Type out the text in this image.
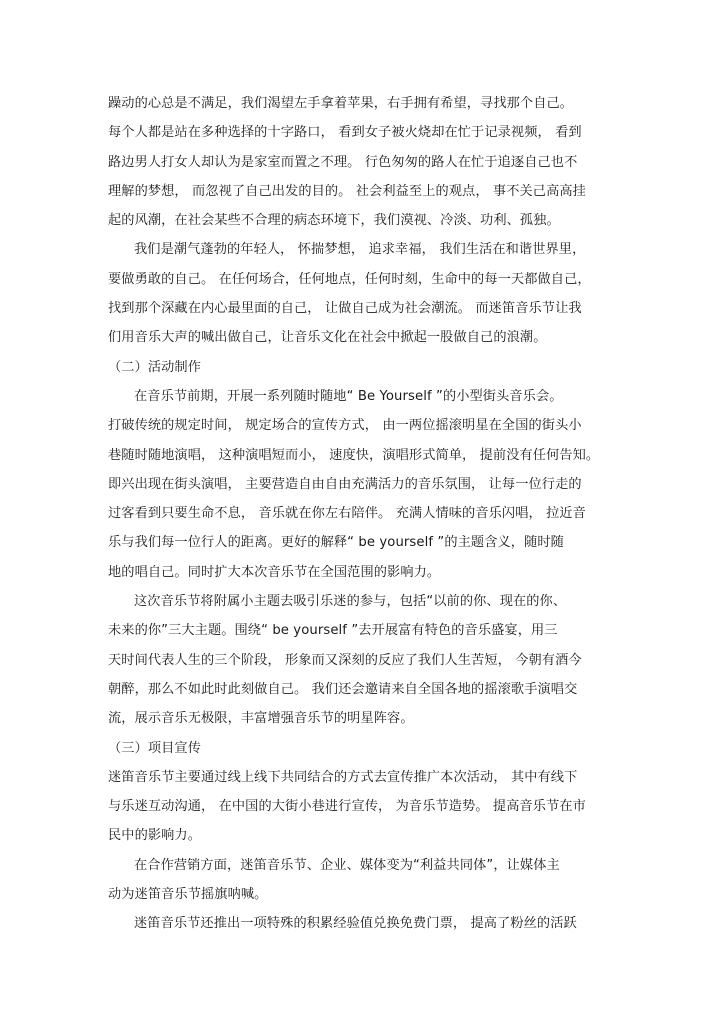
躁动的心总是不满足，我们渴望左手拿着苹果，右手拥有希望，寻找那个自己。
每个人都是站在多种选择的十字路口， 看到女子被火烧却在忙于记录视频， 看到
路边男人打女人却认为是家室而置之不理。 行色匆匆的路人在忙于追逐自己也不
理解的梦想， 而忽视了自己出发的目的。 社会利益至上的观点， 事不关己高高挂
起的风潮，在社会某些不合理的病态环境下，我们漠视、冷淡、功利、孤独。
我们是潮气蓬勃的年轻人， 怀揣梦想， 追求幸福， 我们生活在和谐世界里，
要做勇敢的自己。 在任何场合，任何地点，任何时刻，生命中的每一天都做自己，
找到那个深藏在内心最里面的自己， 让做自己成为社会潮流。 而迷笛音乐节让我
们用音乐大声的喊出做自己，让音乐文化在社会中掀起一股做自己的浪潮。
（二）活动制作
在音乐节前期，开展一系列随时随地“ Be Yourself ”的小型街头音乐会。
打破传统的规定时间， 规定场合的宣传方式， 由一两位摇滚明星在全国的街头小
巷随时随地演唱， 这种演唱短而小， 速度快，演唱形式简单， 提前没有任何告知。
即兴出现在街头演唱， 主要营造自由自由充满活力的音乐氛围， 让每一位行走的
过客看到只要生命不息， 音乐就在你左右陪伴。 充满人情味的音乐闪唱， 拉近音
乐与我们每一位行人的距离。更好的解释“ be yourself ”的主题含义，随时随
地的唱自己。同时扩大本次音乐节在全国范围的影响力。
这次音乐节将附属小主题去吸引乐迷的参与，包括“以前的你、现在的你、
未来的你”三大主题。围绕“ be yourself ”去开展富有特色的音乐盛宴，用三
天时间代表人生的三个阶段， 形象而又深刻的反应了我们人生苦短， 今朝有酒今
朝醉，那么不如此时此刻做自己。 我们还会邀请来自全国各地的摇滚歌手演唱交
流，展示音乐无极限，丰富增强音乐节的明星阵容。
（三）项目宣传
迷笛音乐节主要通过线上线下共同结合的方式去宣传推广本次活动， 其中有线下
与乐迷互动沟通， 在中国的大街小巷进行宣传， 为音乐节造势。 提高音乐节在市
民中的影响力。
在合作营销方面，迷笛音乐节、企业、媒体变为“利益共同体”，让媒体主
动为迷笛音乐节摇旗呐喊。
迷笛音乐节还推出一项特殊的积累经验值兑换免费门票， 提高了粉丝的活跃
